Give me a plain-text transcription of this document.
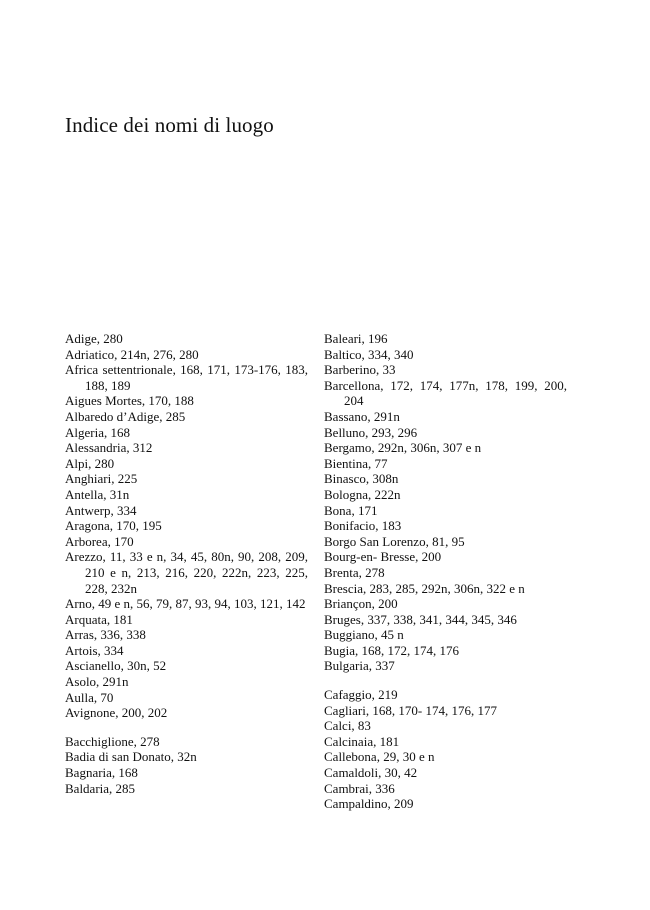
Indice dei nomi di luogo
Adige, 280
Adriatico, 214n, 276, 280
Africa settentrionale, 168, 171, 173-176, 183, 188, 189
Aigues Mortes, 170, 188
Albaredo d’Adige, 285
Algeria, 168
Alessandria, 312
Alpi, 280
Anghiari, 225
Antella, 31n
Antwerp, 334
Aragona, 170, 195
Arborea, 170
Arezzo, 11, 33 e n, 34, 45, 80n, 90, 208, 209, 210 e n, 213, 216, 220, 222n, 223, 225, 228, 232n
Arno, 49 e n, 56, 79, 87, 93, 94, 103, 121, 142
Arquata, 181
Arras, 336, 338
Artois, 334
Ascianello, 30n, 52
Asolo, 291n
Aulla, 70
Avignone, 200, 202
Bacchiglione, 278
Badia di san Donato, 32n
Bagnaria, 168
Baldaria, 285
Baleari, 196
Baltico, 334, 340
Barberino, 33
Barcellona, 172, 174, 177n, 178, 199, 200, 204
Bassano, 291n
Belluno, 293, 296
Bergamo, 292n, 306n, 307 e n
Bientina, 77
Binasco, 308n
Bologna, 222n
Bona, 171
Bonifacio, 183
Borgo San Lorenzo, 81, 95
Bourg-en- Bresse, 200
Brenta, 278
Brescia, 283, 285, 292n, 306n, 322 e n
Briançon, 200
Bruges, 337, 338, 341, 344, 345, 346
Buggiano, 45 n
Bugia, 168, 172, 174, 176
Bulgaria, 337
Cafaggio, 219
Cagliari, 168, 170- 174, 176, 177
Calci, 83
Calcinaia, 181
Callebona, 29, 30 e n
Camaldoli, 30, 42
Cambrai, 336
Campaldino, 209
